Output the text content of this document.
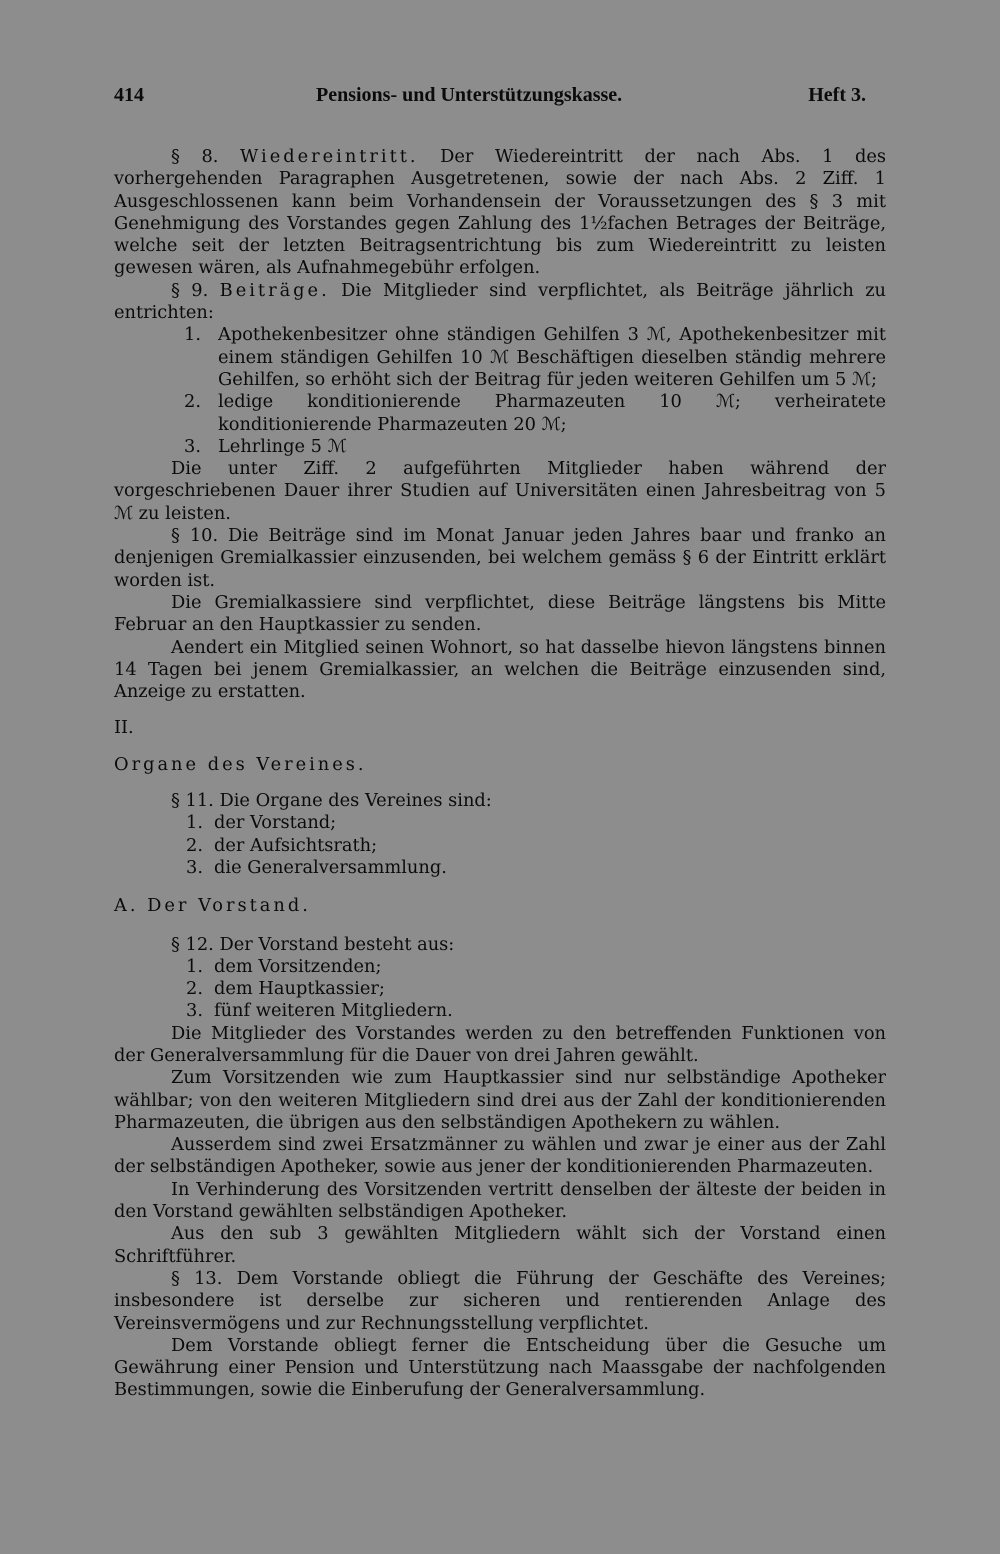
414	Pensions- und Unterstützungskasse.	Heft 3.

§ 8. Wiedereintritt. Der Wiedereintritt der nach Abs. 1 des vorhergehenden Paragraphen Ausgetretenen, sowie der nach Abs. 2 Ziff. 1 Ausgeschlossenen kann beim Vorhandensein der Voraussetzungen des § 3 mit Genehmigung des Vorstandes gegen Zahlung des 1½fachen Betrages der Beiträge, welche seit der letzten Beitragsentrichtung bis zum Wiedereintritt zu leisten gewesen wären, als Aufnahmegebühr erfolgen.

§ 9. Beiträge. Die Mitglieder sind verpflichtet, als Beiträge jährlich zu entrichten:

1. Apothekenbesitzer ohne ständigen Gehilfen 3 ℳ, Apothekenbesitzer mit einem ständigen Gehilfen 10 ℳ Beschäftigen dieselben ständig mehrere Gehilfen, so erhöht sich der Beitrag für jeden weiteren Gehilfen um 5 ℳ;
2. ledige konditionierende Pharmazeuten 10 ℳ; verheiratete konditionierende Pharmazeuten 20 ℳ;
3. Lehrlinge 5 ℳ

Die unter Ziff. 2 aufgeführten Mitglieder haben während der vorgeschriebenen Dauer ihrer Studien auf Universitäten einen Jahresbeitrag von 5 ℳ zu leisten.

§ 10. Die Beiträge sind im Monat Januar jeden Jahres baar und franko an denjenigen Gremialkassier einzusenden, bei welchem gemäss § 6 der Eintritt erklärt worden ist.

Die Gremialkassiere sind verpflichtet, diese Beiträge längstens bis Mitte Februar an den Hauptkassier zu senden.

Aendert ein Mitglied seinen Wohnort, so hat dasselbe hievon längstens binnen 14 Tagen bei jenem Gremialkassier, an welchen die Beiträge einzusenden sind, Anzeige zu erstatten.

II.

Organe des Vereines.

§ 11. Die Organe des Vereines sind:

1. der Vorstand;
2. der Aufsichtsrath;
3. die Generalversammlung.

A. Der Vorstand.

§ 12. Der Vorstand besteht aus:

1. dem Vorsitzenden;
2. dem Hauptkassier;
3. fünf weiteren Mitgliedern.

Die Mitglieder des Vorstandes werden zu den betreffenden Funktionen von der Generalversammlung für die Dauer von drei Jahren gewählt.

Zum Vorsitzenden wie zum Hauptkassier sind nur selbständige Apotheker wählbar; von den weiteren Mitgliedern sind drei aus der Zahl der konditionierenden Pharmazeuten, die übrigen aus den selbständigen Apothekern zu wählen.

Ausserdem sind zwei Ersatzmänner zu wählen und zwar je einer aus der Zahl der selbständigen Apotheker, sowie aus jener der konditionierenden Pharmazeuten.

In Verhinderung des Vorsitzenden vertritt denselben der älteste der beiden in den Vorstand gewählten selbständigen Apotheker.

Aus den sub 3 gewählten Mitgliedern wählt sich der Vorstand einen Schriftführer.

§ 13. Dem Vorstande obliegt die Führung der Geschäfte des Vereines; insbesondere ist derselbe zur sicheren und rentierenden Anlage des Vereinsvermögens und zur Rechnungsstellung verpflichtet.

Dem Vorstande obliegt ferner die Entscheidung über die Gesuche um Gewährung einer Pension und Unterstützung nach Maassgabe der nachfolgenden Bestimmungen, sowie die Einberufung der Generalversammlung.
